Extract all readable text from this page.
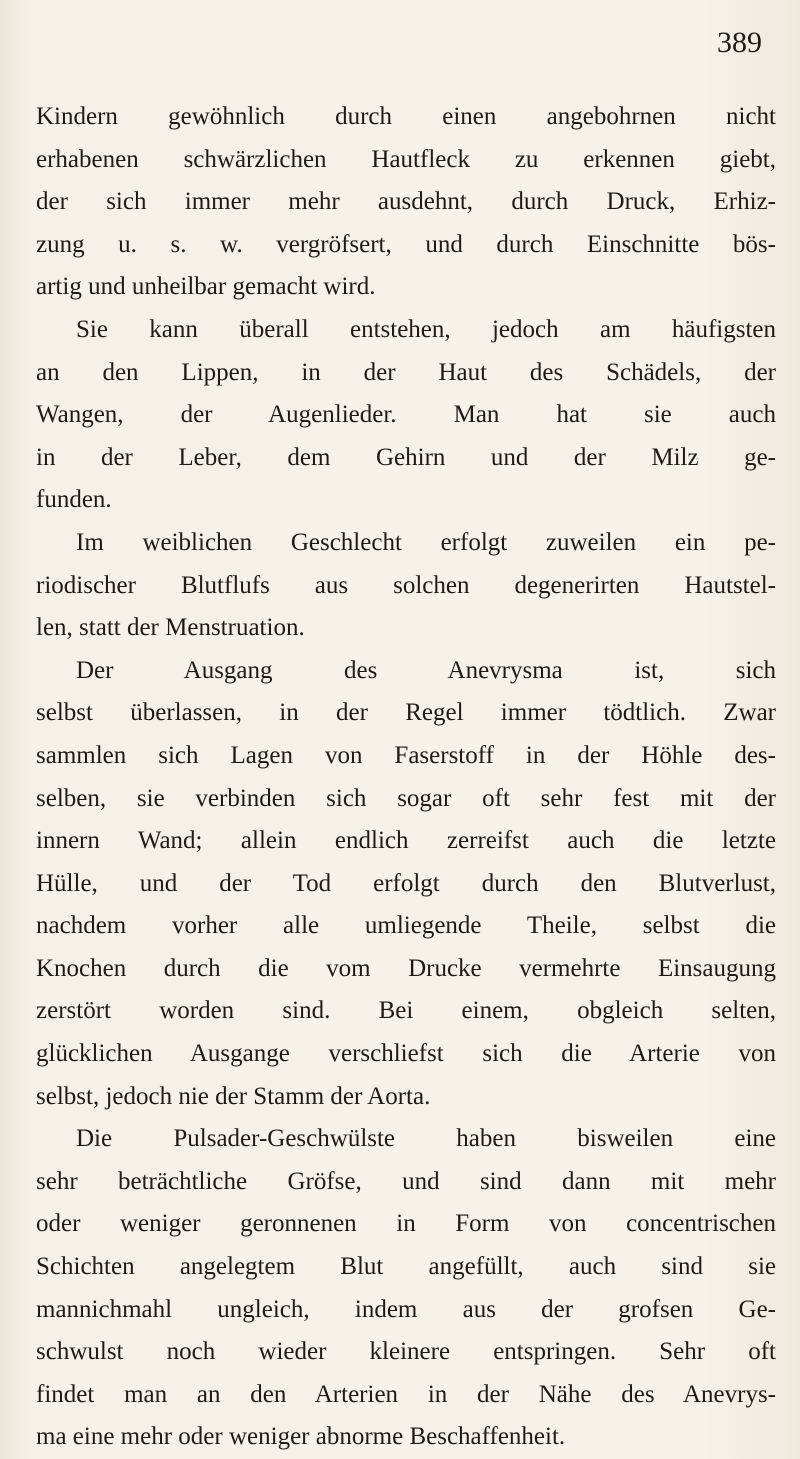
389
Kindern gewöhnlich durch einen angebohrnen nicht
erhabenen schwärzlichen Hautfleck zu erkennen giebt,
der sich immer mehr ausdehnt, durch Druck, Erhiz-
zung u. s. w. vergröfsert, und durch Einschnitte bös-
artig und unheilbar gemacht wird.
Sie kann überall entstehen, jedoch am häufigsten
an den Lippen, in der Haut des Schädels, der
Wangen, der Augenlieder. Man hat sie auch
in der Leber, dem Gehirn und der Milz ge-
funden.
Im weiblichen Geschlecht erfolgt zuweilen ein pe-
riodischer Blutflufs aus solchen degenerirten Hautstel-
len, statt der Menstruation.
Der Ausgang des Anevrysma ist, sich
selbst überlassen, in der Regel immer tödtlich. Zwar
sammlen sich Lagen von Faserstoff in der Höhle des-
selben, sie verbinden sich sogar oft sehr fest mit der
innern Wand; allein endlich zerreifst auch die letzte
Hülle, und der Tod erfolgt durch den Blutverlust,
nachdem vorher alle umliegende Theile, selbst die
Knochen durch die vom Drucke vermehrte Einsaugung
zerstört worden sind. Bei einem, obgleich selten,
glücklichen Ausgange verschliefst sich die Arterie von
selbst, jedoch nie der Stamm der Aorta.
Die Pulsader-Geschwülste haben bisweilen eine
sehr beträchtliche Gröfse, und sind dann mit mehr
oder weniger geronnenen in Form von concentrischen
Schichten angelegtem Blut angefüllt, auch sind sie
mannichmahl ungleich, indem aus der grofsen Ge-
schwulst noch wieder kleinere entspringen. Sehr oft
findet man an den Arterien in der Nähe des Anevrys-
ma eine mehr oder weniger abnorme Beschaffenheit.
